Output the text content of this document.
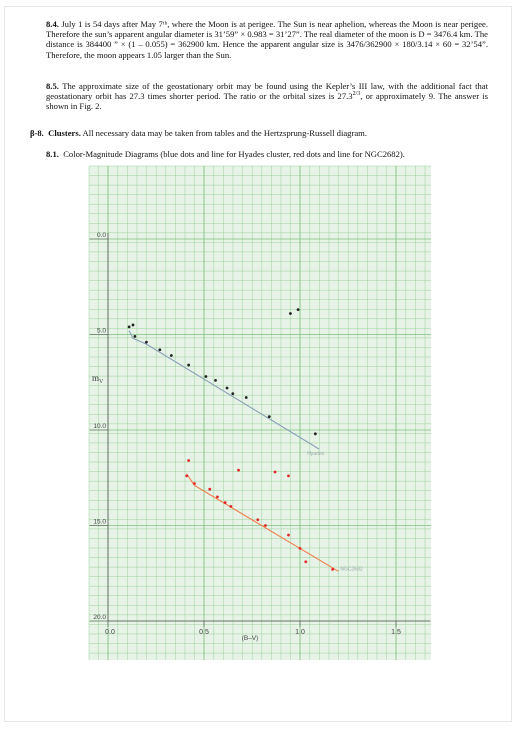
8.4. July 1 is 54 days after May 7ᵗʰ, where the Moon is at perigee. The Sun is near aphelion, whereas the Moon is near perigee. Therefore the sun’s apparent angular diameter is 31’59” × 0.983 = 31’27”. The real diameter of the moon is D = 3476.4 km. The distance is 384400 ” × (1 – 0.055) = 362900 km. Hence the apparent angular size is 3476/362900 × 180/3.14 × 60 = 32’54”. Therefore, the moon appears 1.05 larger than the Sun.
8.5. The approximate size of the geostationary orbit may be found using the Kepler’s III law, with the additional fact that geostationary orbit has 27.3 times shorter period. The ratio or the orbital sizes is $27.3^{2/3}$, or approximately 9. The answer is shown in Fig. 2.
β-8. Clusters. All necessary data may be taken from tables and the Hertzsprung-Russell diagram.
8.1. Color-Magnitude Diagrams (blue dots and line for Hyades cluster, red dots and line for NGC2682).
0.0
5.0
10.0
15.0
20.0
0.0	0.5	1.0	1.5
$m_V$
(B–V)
Hyades
NGC2682
